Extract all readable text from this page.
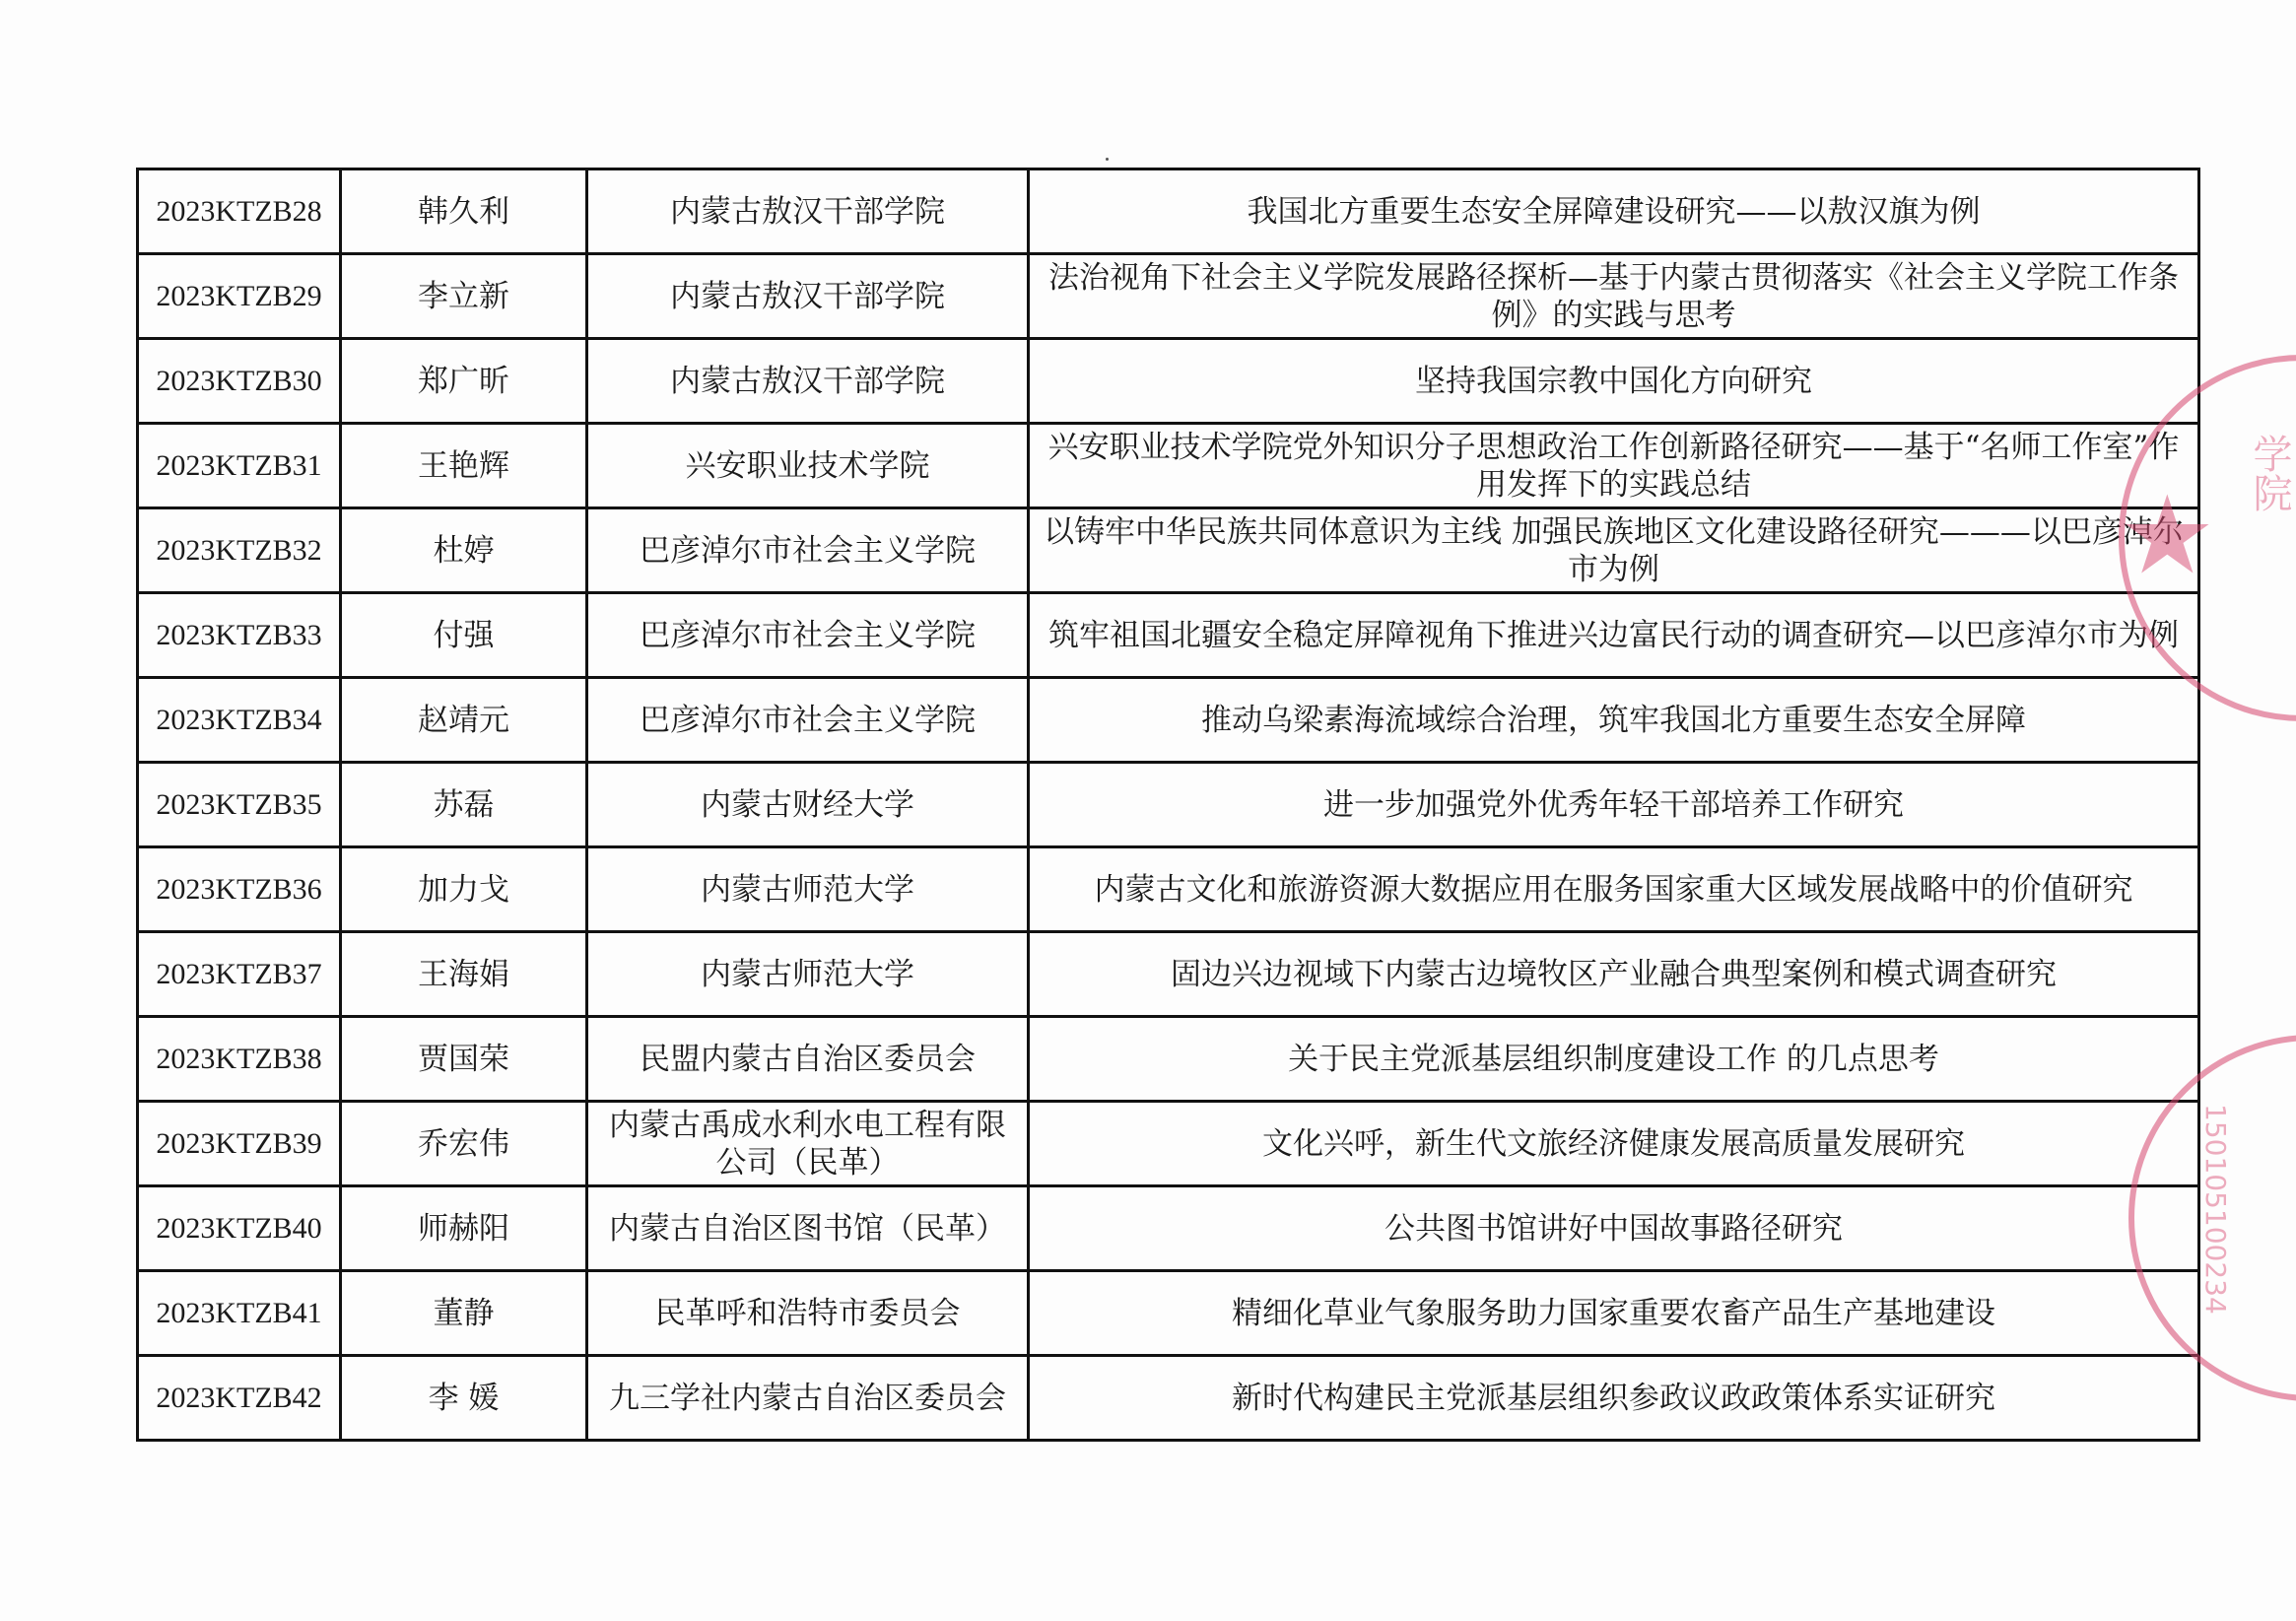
2023KTZB28	韩久利	内蒙古敖汉干部学院	我国北方重要生态安全屏障建设研究——以敖汉旗为例
2023KTZB29	李立新	内蒙古敖汉干部学院	法治视角下社会主义学院发展路径探析—基于内蒙古贯彻落实《社会主义学院工作条例》的实践与思考
2023KTZB30	郑广昕	内蒙古敖汉干部学院	坚持我国宗教中国化方向研究
2023KTZB31	王艳辉	兴安职业技术学院	兴安职业技术学院党外知识分子思想政治工作创新路径研究——基于“名师工作室”作用发挥下的实践总结
2023KTZB32	杜婷	巴彦淖尔市社会主义学院	以铸牢中华民族共同体意识为主线 加强民族地区文化建设路径研究———以巴彦淖尔市为例
2023KTZB33	付强	巴彦淖尔市社会主义学院	筑牢祖国北疆安全稳定屏障视角下推进兴边富民行动的调查研究—以巴彦淖尔市为例
2023KTZB34	赵靖元	巴彦淖尔市社会主义学院	推动乌梁素海流域综合治理，筑牢我国北方重要生态安全屏障
2023KTZB35	苏磊	内蒙古财经大学	进一步加强党外优秀年轻干部培养工作研究
2023KTZB36	加力戈	内蒙古师范大学	内蒙古文化和旅游资源大数据应用在服务国家重大区域发展战略中的价值研究
2023KTZB37	王海娟	内蒙古师范大学	固边兴边视域下内蒙古边境牧区产业融合典型案例和模式调查研究
2023KTZB38	贾国荣	民盟内蒙古自治区委员会	关于民主党派基层组织制度建设工作 的几点思考
2023KTZB39	乔宏伟	内蒙古禹成水利水电工程有限公司（民革）	文化兴呼，新生代文旅经济健康发展高质量发展研究
2023KTZB40	师赫阳	内蒙古自治区图书馆（民革）	公共图书馆讲好中国故事路径研究
2023KTZB41	董静	民革呼和浩特市委员会	精细化草业气象服务助力国家重要农畜产品生产基地建设
2023KTZB42	李 媛	九三学社内蒙古自治区委员会	新时代构建民主党派基层组织参政议政政策体系实证研究
★ 学院
150105100234
